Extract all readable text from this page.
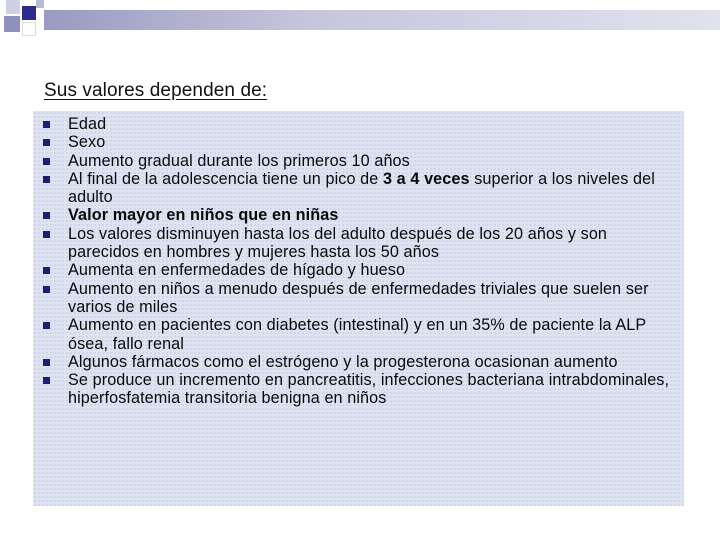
Sus valores dependen de:
Edad
Sexo
Aumento gradual durante los primeros 10 años
Al final de la adolescencia tiene un pico de 3 a 4 veces superior a los niveles del adulto
Valor mayor en niños que en niñas
Los valores disminuyen hasta los del adulto después de los 20 años y son parecidos en hombres y mujeres hasta los 50 años
Aumenta en enfermedades de hígado y hueso
Aumento en niños a menudo después de enfermedades triviales que suelen ser varios de miles
Aumento en pacientes con diabetes (intestinal) y en un 35% de paciente la ALP ósea, fallo renal
Algunos fármacos como el estrógeno y la progesterona ocasionan aumento
Se produce un incremento en pancreatitis, infecciones bacteriana intrabdominales, hiperfosfatemia transitoria benigna en niños
